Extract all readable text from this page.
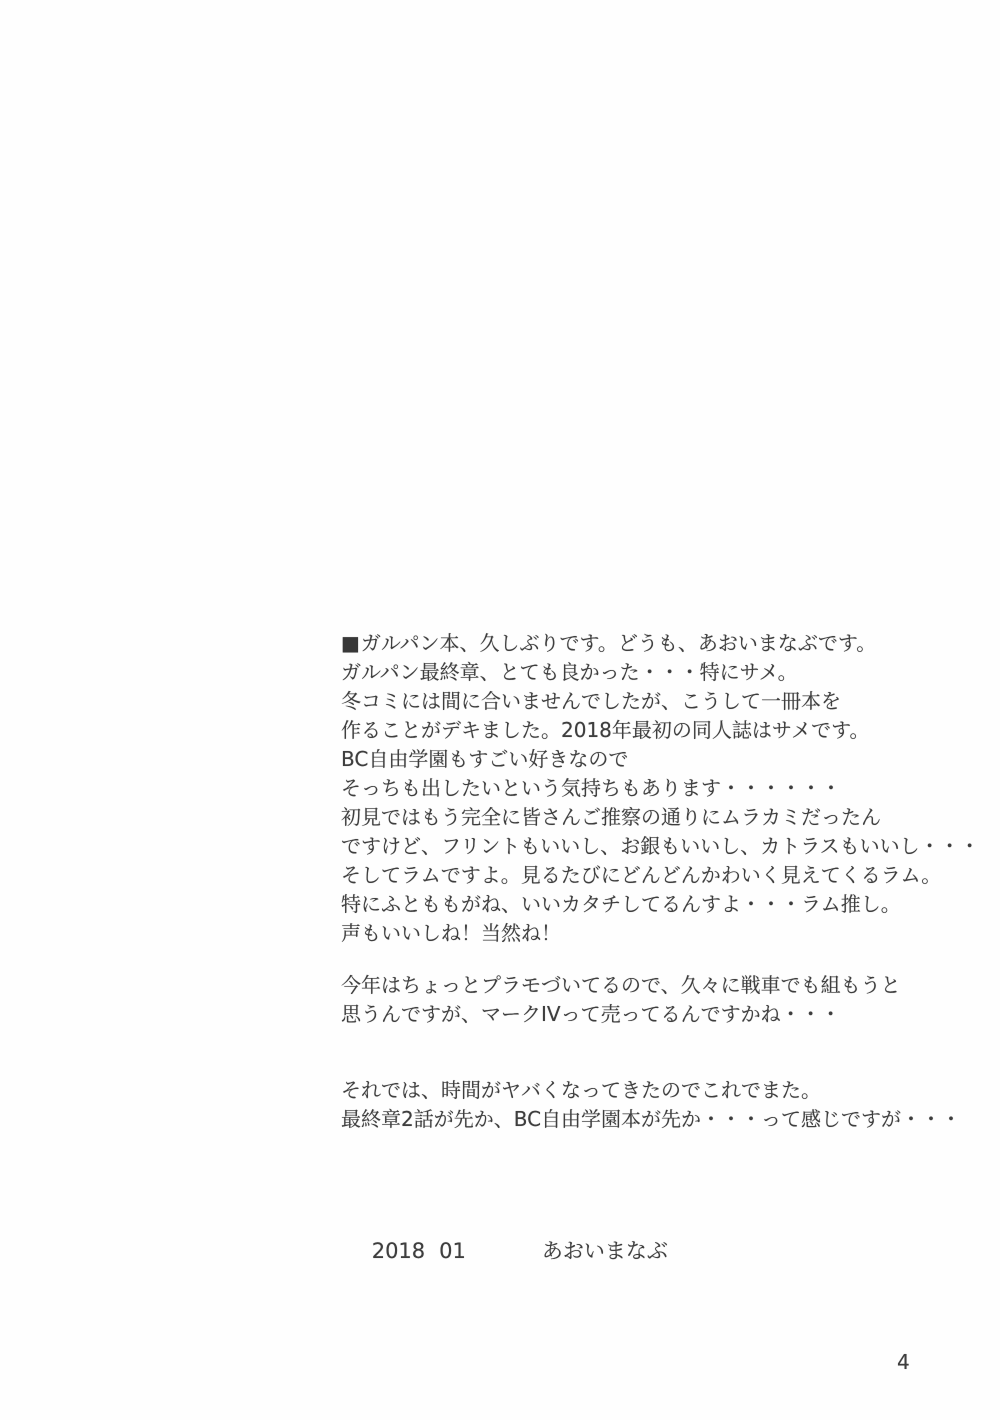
■ガルパン本、久しぶりです。どうも、あおいまなぶです。
ガルパン最終章、とても良かった・・・特にサメ。
冬コミには間に合いませんでしたが、こうして一冊本を
作ることがデキました。2018年最初の同人誌はサメです。
BC自由学園もすごい好きなので
そっちも出したいという気持ちもあります・・・・・・
初見ではもう完全に皆さんご推察の通りにムラカミだったん
ですけど、フリントもいいし、お銀もいいし、カトラスもいいし・・・
そしてラムですよ。見るたびにどんどんかわいく見えてくるラム。
特にふとももがね、いいカタチしてるんすよ・・・ラム推し。
声もいいしね！当然ね！
今年はちょっとプラモづいてるので、久々に戦車でも組もうと
思うんですが、マークIVって売ってるんですかね・・・
それでは、時間がヤバくなってきたのでこれでまた。
最終章2話が先か、BC自由学園本が先か・・・って感じですが・・・

2018 01	あおいまなぶ

4
